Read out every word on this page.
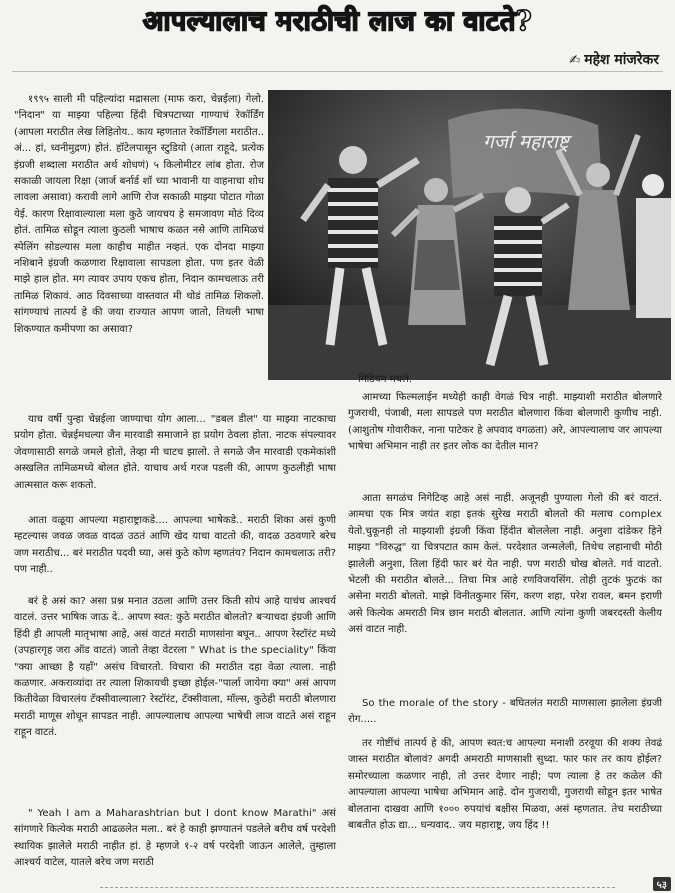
आपल्यालाच मराठीची लाज का वाटते?
✍ महेश मांजरेकर

१९९५ साली मी पहिल्यांदा मद्रासला (माफ करा, चेन्नईला) गेलो. "निदान" या माझ्या पहिल्या हिंदी चित्रपटाच्या गाण्याचं रेकॉर्डिंग (आपला मराठीत लेख लिहितोय.. काय म्हणतात रेकॉर्डिंगला मराठीत.. अं... हां, ध्वनीमुद्रण) होतं. हॉटेलपासून स्टुडियो (आता राहूदे, प्रत्येक इंग्रजी शब्दाला मराठीत अर्थ शोधणं) ५ किलोमीटर लांब होता. रोज सकाळी जायला रिक्षा (जार्ज बर्नार्ड शॉ च्या भावानी या वाहनाचा शोध लावला असावा) करावी लागे आणि रोज सकाळी माझ्या पोटात गोळा येई. कारण रिक्षावाल्याला मला कुठे जायचय हे समजावण मोठं दिव्य होतं. तामिळ सोडून त्याला कुठली भाषाच कळत नसे आणि तामिळचं स्पेलिंग सोडल्यास मला काहीच माहीत नव्हतं. एक दोनदा माझ्या नशिबाने इंग्रजी कळणारा रिक्षावाला सापडला होता. पण इतर वेळी माझे हाल होत. मग त्यावर उपाय एकच होता, निदान कामचलाऊ तरी तामिळ शिकावं. आठ दिवसाच्या वास्तवात मी थोडं तामिळ शिकलो. सांगण्याचं तात्पर्य हे की जया राज्यात आपण जातो, तिथली भाषा शिकण्यात कमीपणा का असावा?

गर्जा महाराष्ट्र

याच वर्षी पुन्हा चेन्नईला जाण्याचा योग आला... "डबल डील" या माझ्या नाटकाचा प्रयोग होता. चेन्नईमधल्या जैन मारवाडी समाजाने हा प्रयोग ठेवला होता. नाटक संपल्यावर जेवणासाठी सगळे जमले होतो, तेव्हा मी चाटच झालो. ते सगळे जैन मारवाडी एकमेकांशी अस्खलित तामिळमध्ये बोलत होते. याचाच अर्थ गरज पडली की, आपण कुठलीही भाषा आत्मसात करू शकतो.

आता वळूया आपल्या महाराष्ट्राकडे.... आपल्या भाषेकडे.. मराठी शिका असं कुणी म्हटल्यास जवळ जवळ वादळ उठतं आणि खेद याचा वाटतो की, वादळ उठवणारे बरेच जण मराठीच... बरं मराठीत पदवी घ्या, असं कुठे कोण म्हणतंय? निदान कामचलाऊ तरी? पण नाही..

बरं हे असं का? असा प्रश्न मनात उठला आणि उत्तर किती सोपं आहे याचंच आश्चर्य वाटलं. उत्तर भाषिक जाऊ दे.. आपण स्वत: कुठे मराठीत बोलतो? बऱ्याचदा इंग्रजी आणि हिंदी ही आपली मातृभाषा आहे, असं वाटतं मराठी माणसांना बघून.. आपण रेस्टॉरंट मध्ये (उपहारगृह जरा ऑड वाटतं) जातो तेव्हा वेटरला " What is the speciality" किंवा "क्या आच्छा है यहाँ" असंच विचारतो. विचारा की मराठीत दहा वेळा त्याला. नाही कळणार. अकराव्यांदा तर त्याला शिकायची इच्छा होईल-"पार्ला जायेगा क्या" असं आपण कितीवेळा विचारलंय टॅक्सीवाल्याला? रेस्टॉरंट, टॅक्सीवाला, मॉल्स, कुठेही मराठी बोलणारा मराठी माणूस शोधून सापडत नाही. आपल्यालाच आपल्या भाषेची लाज वाटते असं राहून राहून वाटतं.

" Yeah I am a Maharashtrian but I dont know Marathi" असं सांगणारे कित्येक मराठी आढळलेत मला.. बरं हे काही झण्यातनं पडलेले बरीच वर्ष परदेशी स्थायिक झालेले मराठी नाहीत हां. हे म्हणजे १-२ वर्ष परदेशी जाऊन आलेले, तुम्हाला आश्चर्य वाटेल, यातले बरेच जण मराठी

मिडियम मधले.

आमच्या फिल्मलाईन मध्येही काही वेगळं चित्र नाही. माझ्याशी मराठीत बोलणारे गुजराथी, पंजाबी, मला सापडले पण मराठीत बोलणारा किंवा बोलणारी कुणीच नाही. (आशुतोष गोवारीकर, नाना पाटेकर हे अपवाद वगळता) अरे, आपल्यालाच जर आपल्या भाषेचा अभिमान नाही तर इतर लोक का देतील मान?

आता सगळंच निगेटिव्ह आहे असं नाही. अजूनही पुण्याला गेलो की बरं वाटतं. आमचा एक मित्र जयंत शहा इतकं सुरेख मराठी बोलतो की मलाच complex येतो.चुकूनही तो माझ्याशी इंग्रजी किंवा हिंदीत बोललेला नाही. अनुशा दांडेकर हिने माझ्या "विरुद्ध" या चित्रपटात काम केलं. परदेशात जन्मलेली, तिथेच लहानाची मोठी झालेली अनुशा, तिला हिंदी फार बरं येत नाही. पण मराठी चोख बोलते. गर्व वाटतो. भेटली की मराठीत बोलते... तिचा मित्र आहे रणविजयसिंग. तोही तुटकं फुटकं का असेना मराठी बोलतो. माझे विनीतकुमार सिंग, करण शहा, परेश रावल, बमन इराणी असे कित्येक अमराठी मित्र छान मराठी बोलतात. आणि त्यांना कुणी जबरदस्ती केलीय असं वाटत नाही.

So the morale of the story - बघितलंत मराठी माणसाला झालेला इंग्रजी रोग.....

तर गोष्टींचं तात्पर्य हे की, आपण स्वत:च आपल्या मनाशी ठरवूया की शक्य तेवढं जास्त मराठीत बोलावं? अगदी अमराठी माणसाशी सुध्दा. फार फार तर काय होईल? समोरच्याला कळणार नाही, तो उत्तर देणार नाही; पण त्याला हे तर कळेल की आपल्याला आपल्या भाषेचा अभिमान आहे. दोन गुजराथी, गुजराथी सोडून इतर भाषेत बोलताना दाखवा आणि १००० रुपयांचं बक्षीस मिळवा, असं म्हणतात. तेच मराठीच्या बाबतीत होऊ द्या... धन्यवाद.. जय महाराष्ट्र, जय हिंद !!

५३
